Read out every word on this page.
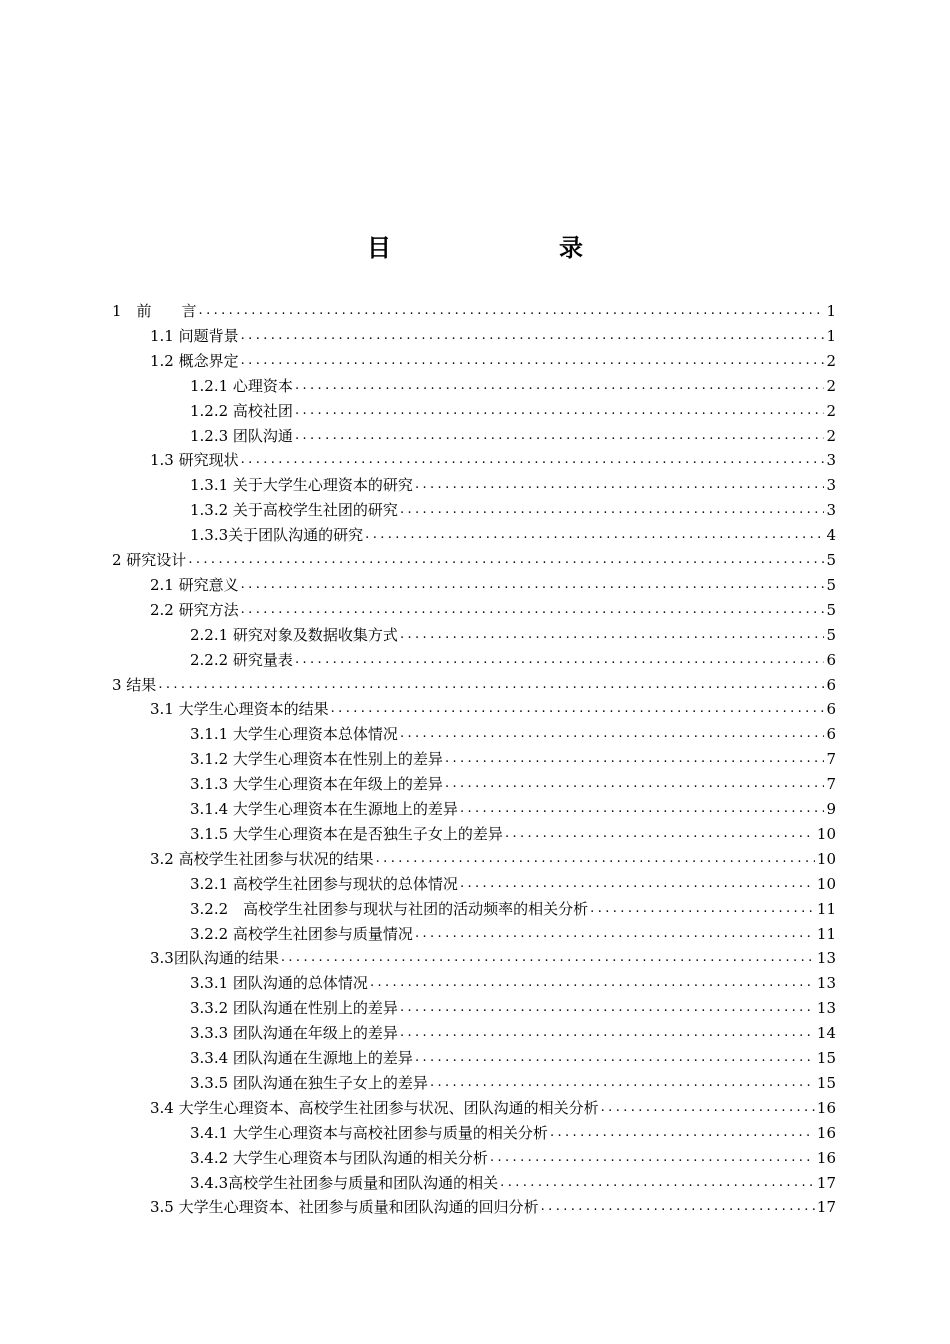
目　　录
1　前　　言 .....	1
1.1 问题背景 .....	1
1.2 概念界定 .....	2
1.2.1 心理资本 .....	2
1.2.2 高校社团 .....	2
1.2.3 团队沟通 .....	2
1.3 研究现状 .....	3
1.3.1 关于大学生心理资本的研究 .....	3
1.3.2 关于高校学生社团的研究 .....	3
1.3.3关于团队沟通的研究 .....	4
2 研究设计 .....	5
2.1 研究意义 .....	5
2.2 研究方法 .....	5
2.2.1 研究对象及数据收集方式 .....	5
2.2.2 研究量表 .....	6
3 结果 .....	6
3.1 大学生心理资本的结果 .....	6
3.1.1 大学生心理资本总体情况 .....	6
3.1.2 大学生心理资本在性别上的差异 .....	7
3.1.3 大学生心理资本在年级上的差异 .....	7
3.1.4 大学生心理资本在生源地上的差异 .....	9
3.1.5 大学生心理资本在是否独生子女上的差异 .....	10
3.2 高校学生社团参与状况的结果 .....	10
3.2.1 高校学生社团参与现状的总体情况 .....	10
3.2.2　高校学生社团参与现状与社团的活动频率的相关分析 .....	11
3.2.2 高校学生社团参与质量情况 .....	11
3.3团队沟通的结果 .....	13
3.3.1 团队沟通的总体情况 .....	13
3.3.2 团队沟通在性别上的差异 .....	13
3.3.3 团队沟通在年级上的差异 .....	14
3.3.4 团队沟通在生源地上的差异 .....	15
3.3.5 团队沟通在独生子女上的差异 .....	15
3.4 大学生心理资本、高校学生社团参与状况、团队沟通的相关分析 .....	16
3.4.1 大学生心理资本与高校社团参与质量的相关分析 .....	16
3.4.2 大学生心理资本与团队沟通的相关分析 .....	16
3.4.3高校学生社团参与质量和团队沟通的相关 .....	17
3.5 大学生心理资本、社团参与质量和团队沟通的回归分析 .....	17
